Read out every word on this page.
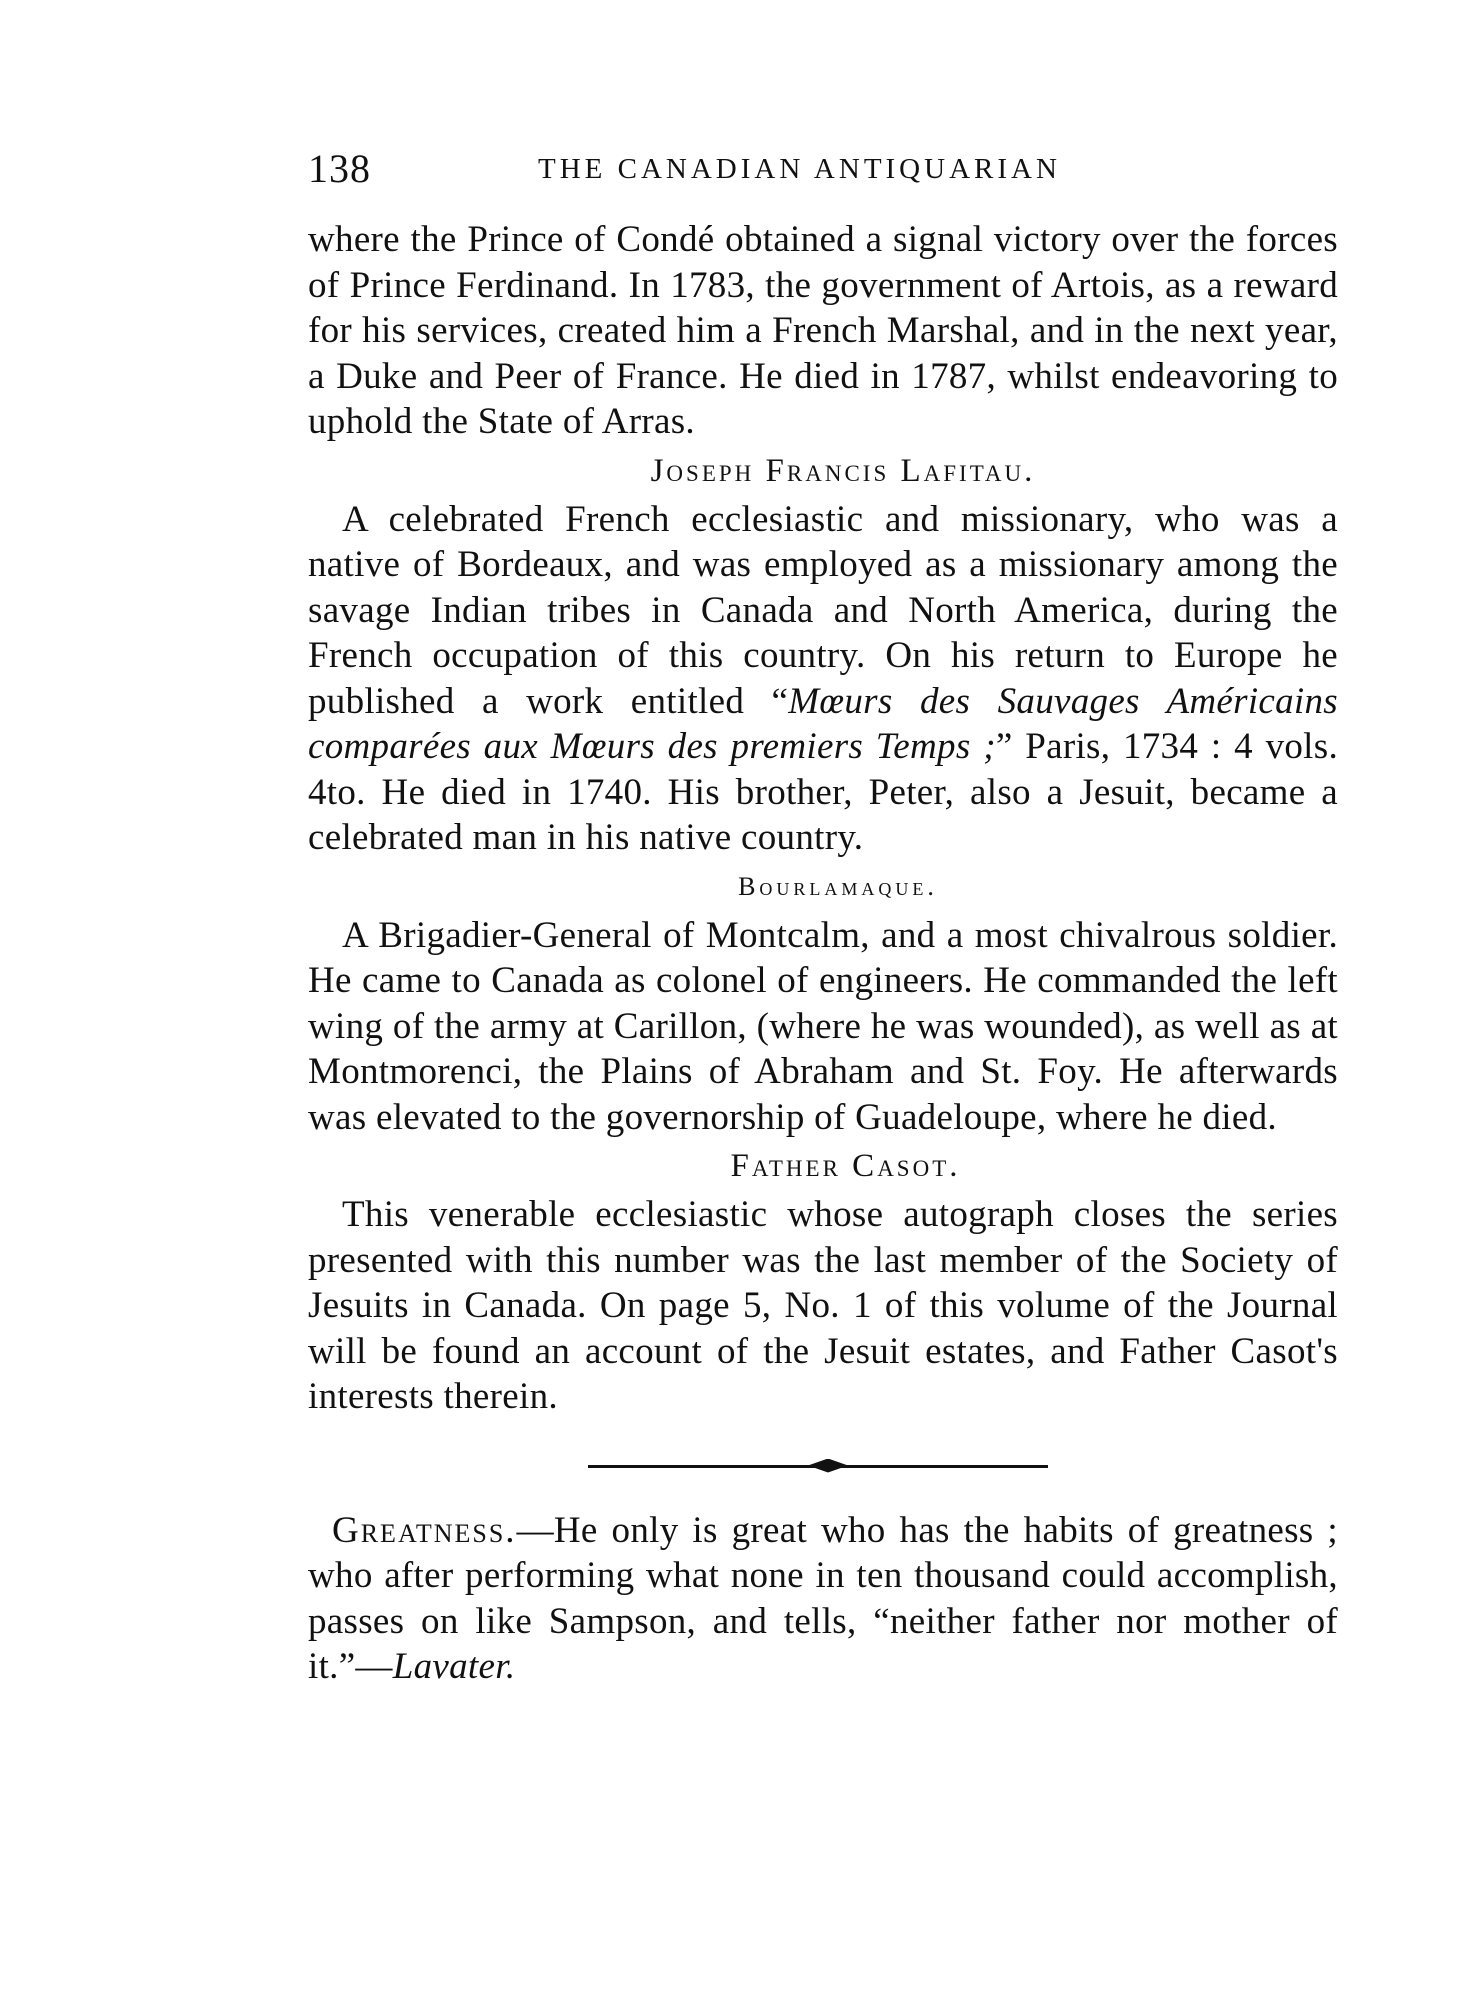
138	THE CANADIAN ANTIQUARIAN

where the Prince of Condé obtained a signal victory over the forces of Prince Ferdinand. In 1783, the government of Artois, as a reward for his services, created him a French Marshal, and in the next year, a Duke and Peer of France. He died in 1787, whilst endeavoring to uphold the State of Arras.

Joseph Francis Lafitau.

A celebrated French ecclesiastic and missionary, who was a native of Bordeaux, and was employed as a missionary among the savage Indian tribes in Canada and North America, during the French occupation of this country. On his return to Europe he published a work entitled “Mœurs des Sauvages Américains comparées aux Mœurs des premiers Temps ;” Paris, 1734 : 4 vols. 4to. He died in 1740. His brother, Peter, also a Jesuit, became a celebrated man in his native country.

Bourlamaque.

A Brigadier-General of Montcalm, and a most chivalrous soldier. He came to Canada as colonel of engineers. He commanded the left wing of the army at Carillon, (where he was wounded), as well as at Montmorenci, the Plains of Abraham and St. Foy. He afterwards was elevated to the governorship of Guadeloupe, where he died.

Father Casot.

This venerable ecclesiastic whose autograph closes the series presented with this number was the last member of the Society of Jesuits in Canada. On page 5, No. 1 of this volume of the Journal will be found an account of the Jesuit estates, and Father Casot's interests therein.

Greatness.—He only is great who has the habits of greatness ; who after performing what none in ten thousand could accomplish, passes on like Sampson, and tells, “neither father nor mother of it.”—Lavater.
